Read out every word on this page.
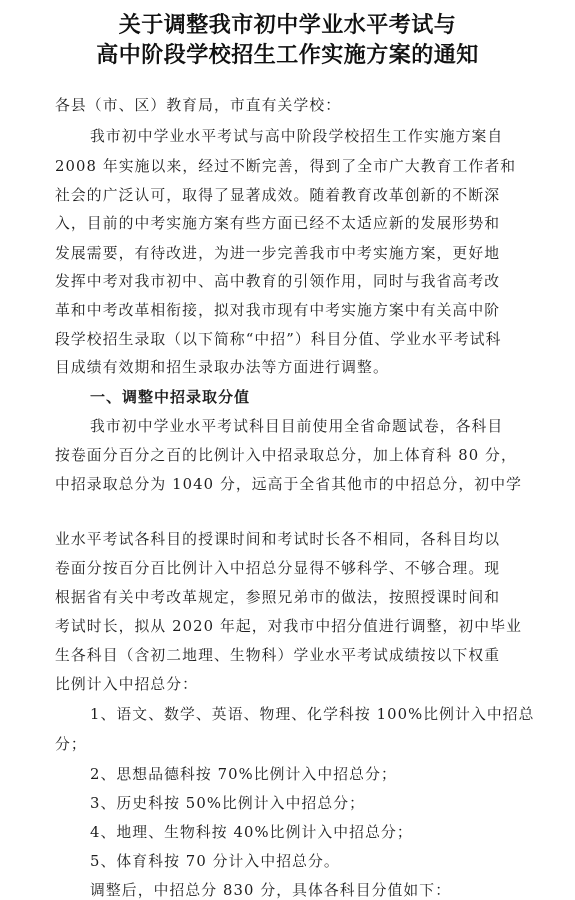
关于调整我市初中学业水平考试与
高中阶段学校招生工作实施方案的通知

各县（市、区）教育局，市直有关学校：

我市初中学业水平考试与高中阶段学校招生工作实施方案自

2008 年实施以来，经过不断完善，得到了全市广大教育工作者和

社会的广泛认可，取得了显著成效。随着教育改革创新的不断深

入，目前的中考实施方案有些方面已经不太适应新的发展形势和

发展需要，有待改进，为进一步完善我市中考实施方案，更好地

发挥中考对我市初中、高中教育的引领作用，同时与我省高考改

革和中考改革相衔接，拟对我市现有中考实施方案中有关高中阶

段学校招生录取（以下简称“中招”）科目分值、学业水平考试科

目成绩有效期和招生录取办法等方面进行调整。

一、调整中招录取分值

我市初中学业水平考试科目目前使用全省命题试卷，各科目

按卷面分百分之百的比例计入中招录取总分，加上体育科 80 分，

中招录取总分为 1040 分，远高于全省其他市的中招总分，初中学

业水平考试各科目的授课时间和考试时长各不相同，各科目均以

卷面分按百分百比例计入中招总分显得不够科学、不够合理。现

根据省有关中考改革规定，参照兄弟市的做法，按照授课时间和

考试时长，拟从 2020 年起，对我市中招分值进行调整，初中毕业

生各科目（含初二地理、生物科）学业水平考试成绩按以下权重

比例计入中招总分：

1、语文、数学、英语、物理、化学科按 100%比例计入中招总

分；

2、思想品德科按 70%比例计入中招总分；

3、历史科按 50%比例计入中招总分；

4、地理、生物科按 40%比例计入中招总分；

5、体育科按 70 分计入中招总分。

调整后，中招总分 830 分，具体各科目分值如下：
